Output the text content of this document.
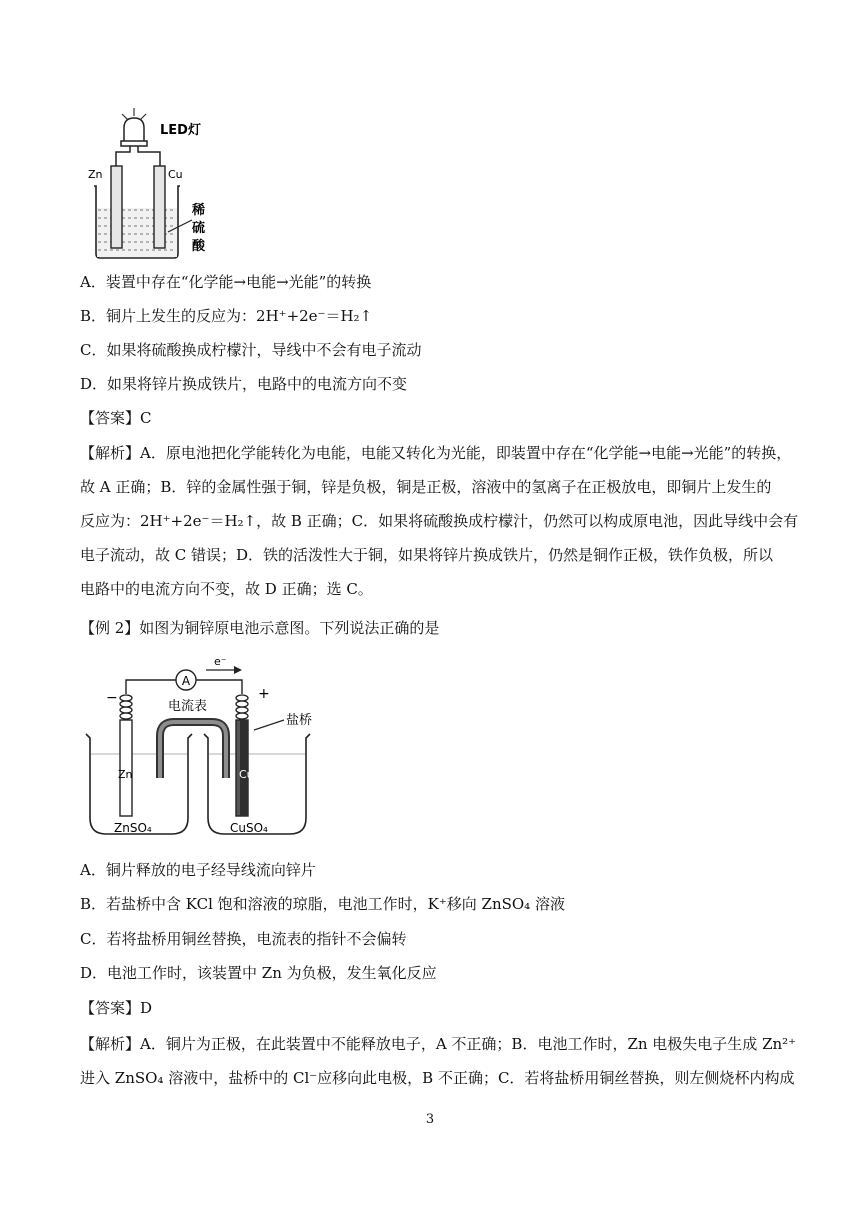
LED灯
Zn	Cu
稀 硫 酸
A．装置中存在“化学能→电能→光能”的转换
B．铜片上发生的反应为：2H⁺+2e⁻＝H₂↑
C．如果将硫酸换成柠檬汁，导线中不会有电子流动
D．如果将锌片换成铁片，电路中的电流方向不变
【答案】C
【解析】A．原电池把化学能转化为电能，电能又转化为光能，即装置中存在“化学能→电能→光能”的转换，
故 A 正确；B．锌的金属性强于铜，锌是负极，铜是正极，溶液中的氢离子在正极放电，即铜片上发生的
反应为：2H⁺+2e⁻＝H₂↑，故 B 正确；C．如果将硫酸换成柠檬汁，仍然可以构成原电池，因此导线中会有
电子流动，故 C 错误；D．铁的活泼性大于铜，如果将锌片换成铁片，仍然是铜作正极，铁作负极，所以
电路中的电流方向不变，故 D 正确；选 C。
【例 2】如图为铜锌原电池示意图。下列说法正确的是
A
e⁻
−	+
电流表
盐桥
Zn	Cu
ZnSO₄	CuSO₄
A．铜片释放的电子经导线流向锌片
B．若盐桥中含 KCl 饱和溶液的琼脂，电池工作时，K⁺移向 ZnSO₄ 溶液
C．若将盐桥用铜丝替换，电流表的指针不会偏转
D．电池工作时，该装置中 Zn 为负极，发生氧化反应
【答案】D
【解析】A．铜片为正极，在此装置中不能释放电子，A 不正确；B．电池工作时，Zn 电极失电子生成 Zn²⁺
进入 ZnSO₄ 溶液中，盐桥中的 Cl⁻应移向此电极，B 不正确；C．若将盐桥用铜丝替换，则左侧烧杯内构成
3
